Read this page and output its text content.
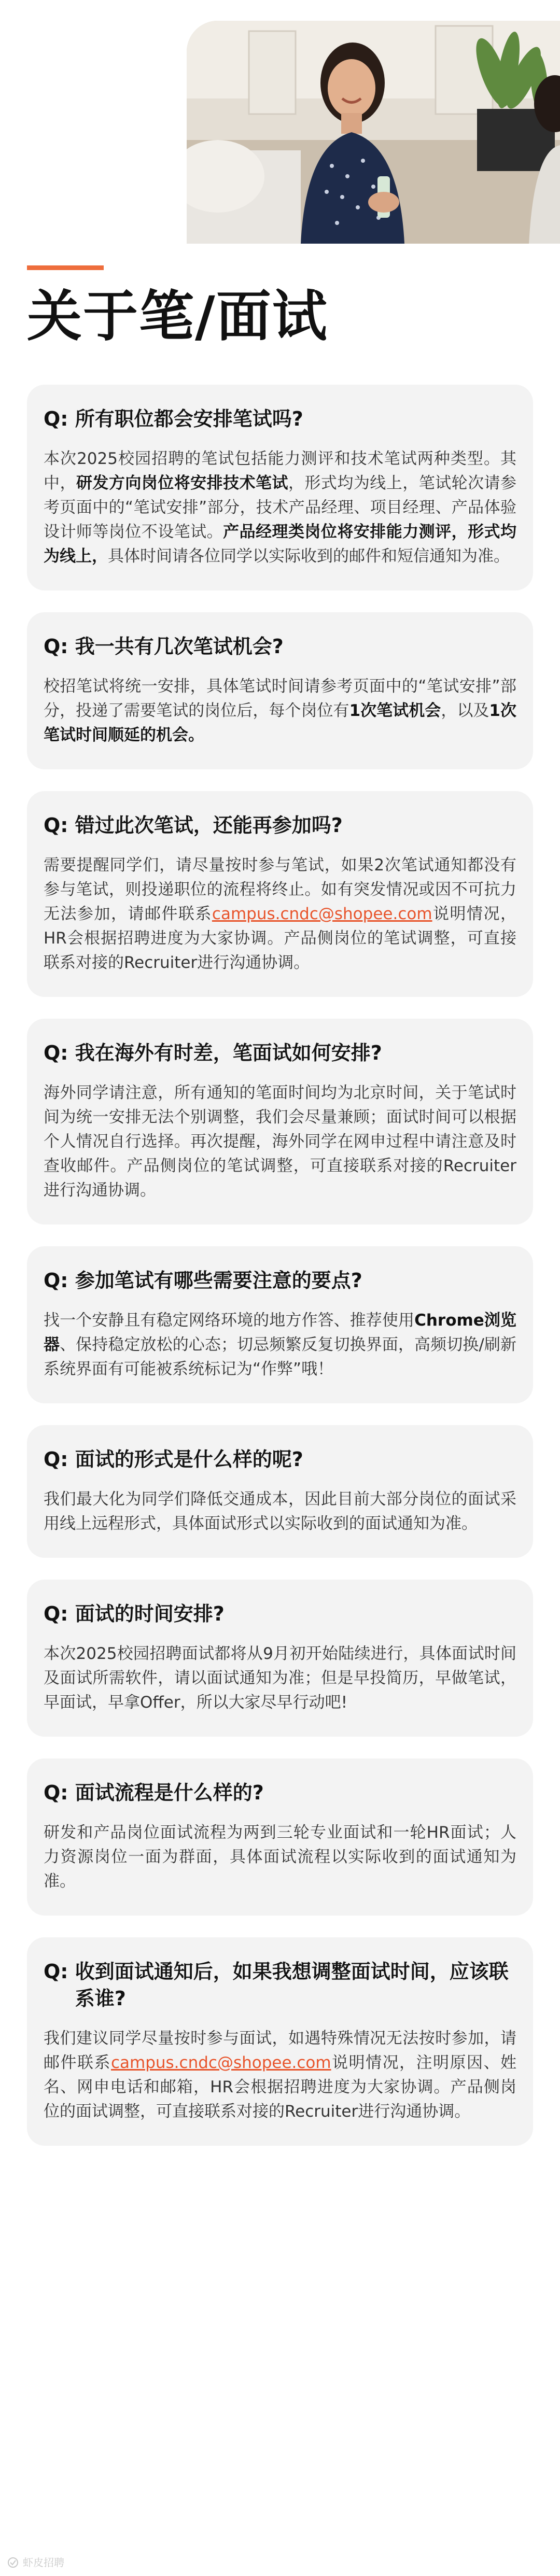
关于笔/面试
Q: 所有职位都会安排笔试吗?

本次2025校园招聘的笔试包括能力测评和技术笔试两种类型。其中，研发方向岗位将安排技术笔试，形式均为线上，笔试轮次请参考页面中的“笔试安排”部分，技术产品经理、项目经理、产品体验设计师等岗位不设笔试。产品经理类岗位将安排能力测评，形式均为线上，具体时间请各位同学以实际收到的邮件和短信通知为准。

Q: 我一共有几次笔试机会?

校招笔试将统一安排，具体笔试时间请参考页面中的“笔试安排”部分，投递了需要笔试的岗位后，每个岗位有1次笔试机会，以及1次笔试时间顺延的机会。

Q: 错过此次笔试，还能再参加吗?

需要提醒同学们，请尽量按时参与笔试，如果2次笔试通知都没有参与笔试，则投递职位的流程将终止。如有突发情况或因不可抗力无法参加，请邮件联系campus.cndc@shopee.com说明情况，HR会根据招聘进度为大家协调。产品侧岗位的笔试调整，可直接联系对接的Recruiter进行沟通协调。

Q: 我在海外有时差，笔面试如何安排?

海外同学请注意，所有通知的笔面时间均为北京时间，关于笔试时间为统一安排无法个别调整，我们会尽量兼顾；面试时间可以根据个人情况自行选择。再次提醒，海外同学在网申过程中请注意及时查收邮件。产品侧岗位的笔试调整，可直接联系对接的Recruiter进行沟通协调。

Q: 参加笔试有哪些需要注意的要点?

找一个安静且有稳定网络环境的地方作答、推荐使用Chrome浏览器、保持稳定放松的心态；切忌频繁反复切换界面，高频切换/刷新系统界面有可能被系统标记为“作弊”哦！

Q: 面试的形式是什么样的呢?

我们最大化为同学们降低交通成本，因此目前大部分岗位的面试采用线上远程形式，具体面试形式以实际收到的面试通知为准。

Q: 面试的时间安排?

本次2025校园招聘面试都将从9月初开始陆续进行，具体面试时间及面试所需软件，请以面试通知为准；但是早投简历，早做笔试，早面试，早拿Offer，所以大家尽早行动吧!

Q: 面试流程是什么样的?

研发和产品岗位面试流程为两到三轮专业面试和一轮HR面试；人力资源岗位一面为群面，具体面试流程以实际收到的面试通知为准。

Q: 收到面试通知后，如果我想调整面试时间，应该联系谁?

我们建议同学尽量按时参与面试，如遇特殊情况无法按时参加，请邮件联系campus.cndc@shopee.com说明情况，注明原因、姓名、网申电话和邮箱，HR会根据招聘进度为大家协调。产品侧岗位的面试调整，可直接联系对接的Recruiter进行沟通协调。

虾皮招聘
